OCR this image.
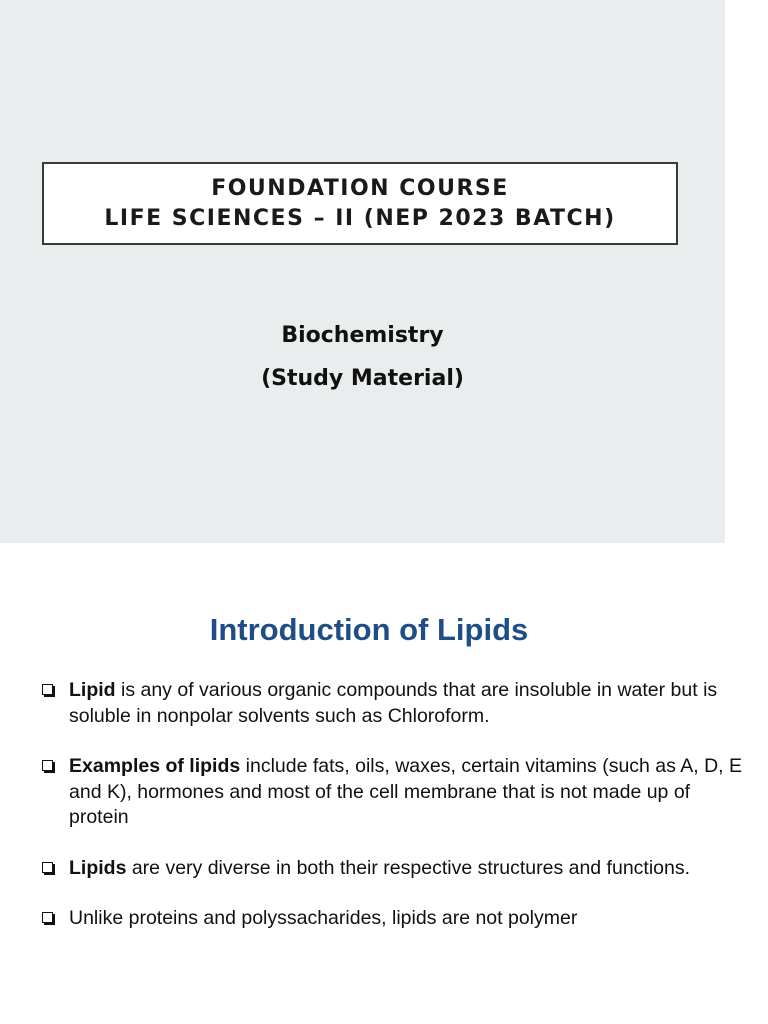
FOUNDATION COURSE
LIFE SCIENCES – II (NEP 2023 BATCH)
Biochemistry
(Study Material)
Introduction of Lipids
Lipid is any of various organic compounds that are insoluble in water but is soluble in nonpolar solvents such as Chloroform.
Examples of lipids include fats, oils, waxes, certain vitamins (such as A, D, E and K), hormones and most of the cell membrane that is not made up of protein
Lipids are very diverse in both their respective structures and functions.
Unlike proteins and polyssacharides, lipids are not polymer
